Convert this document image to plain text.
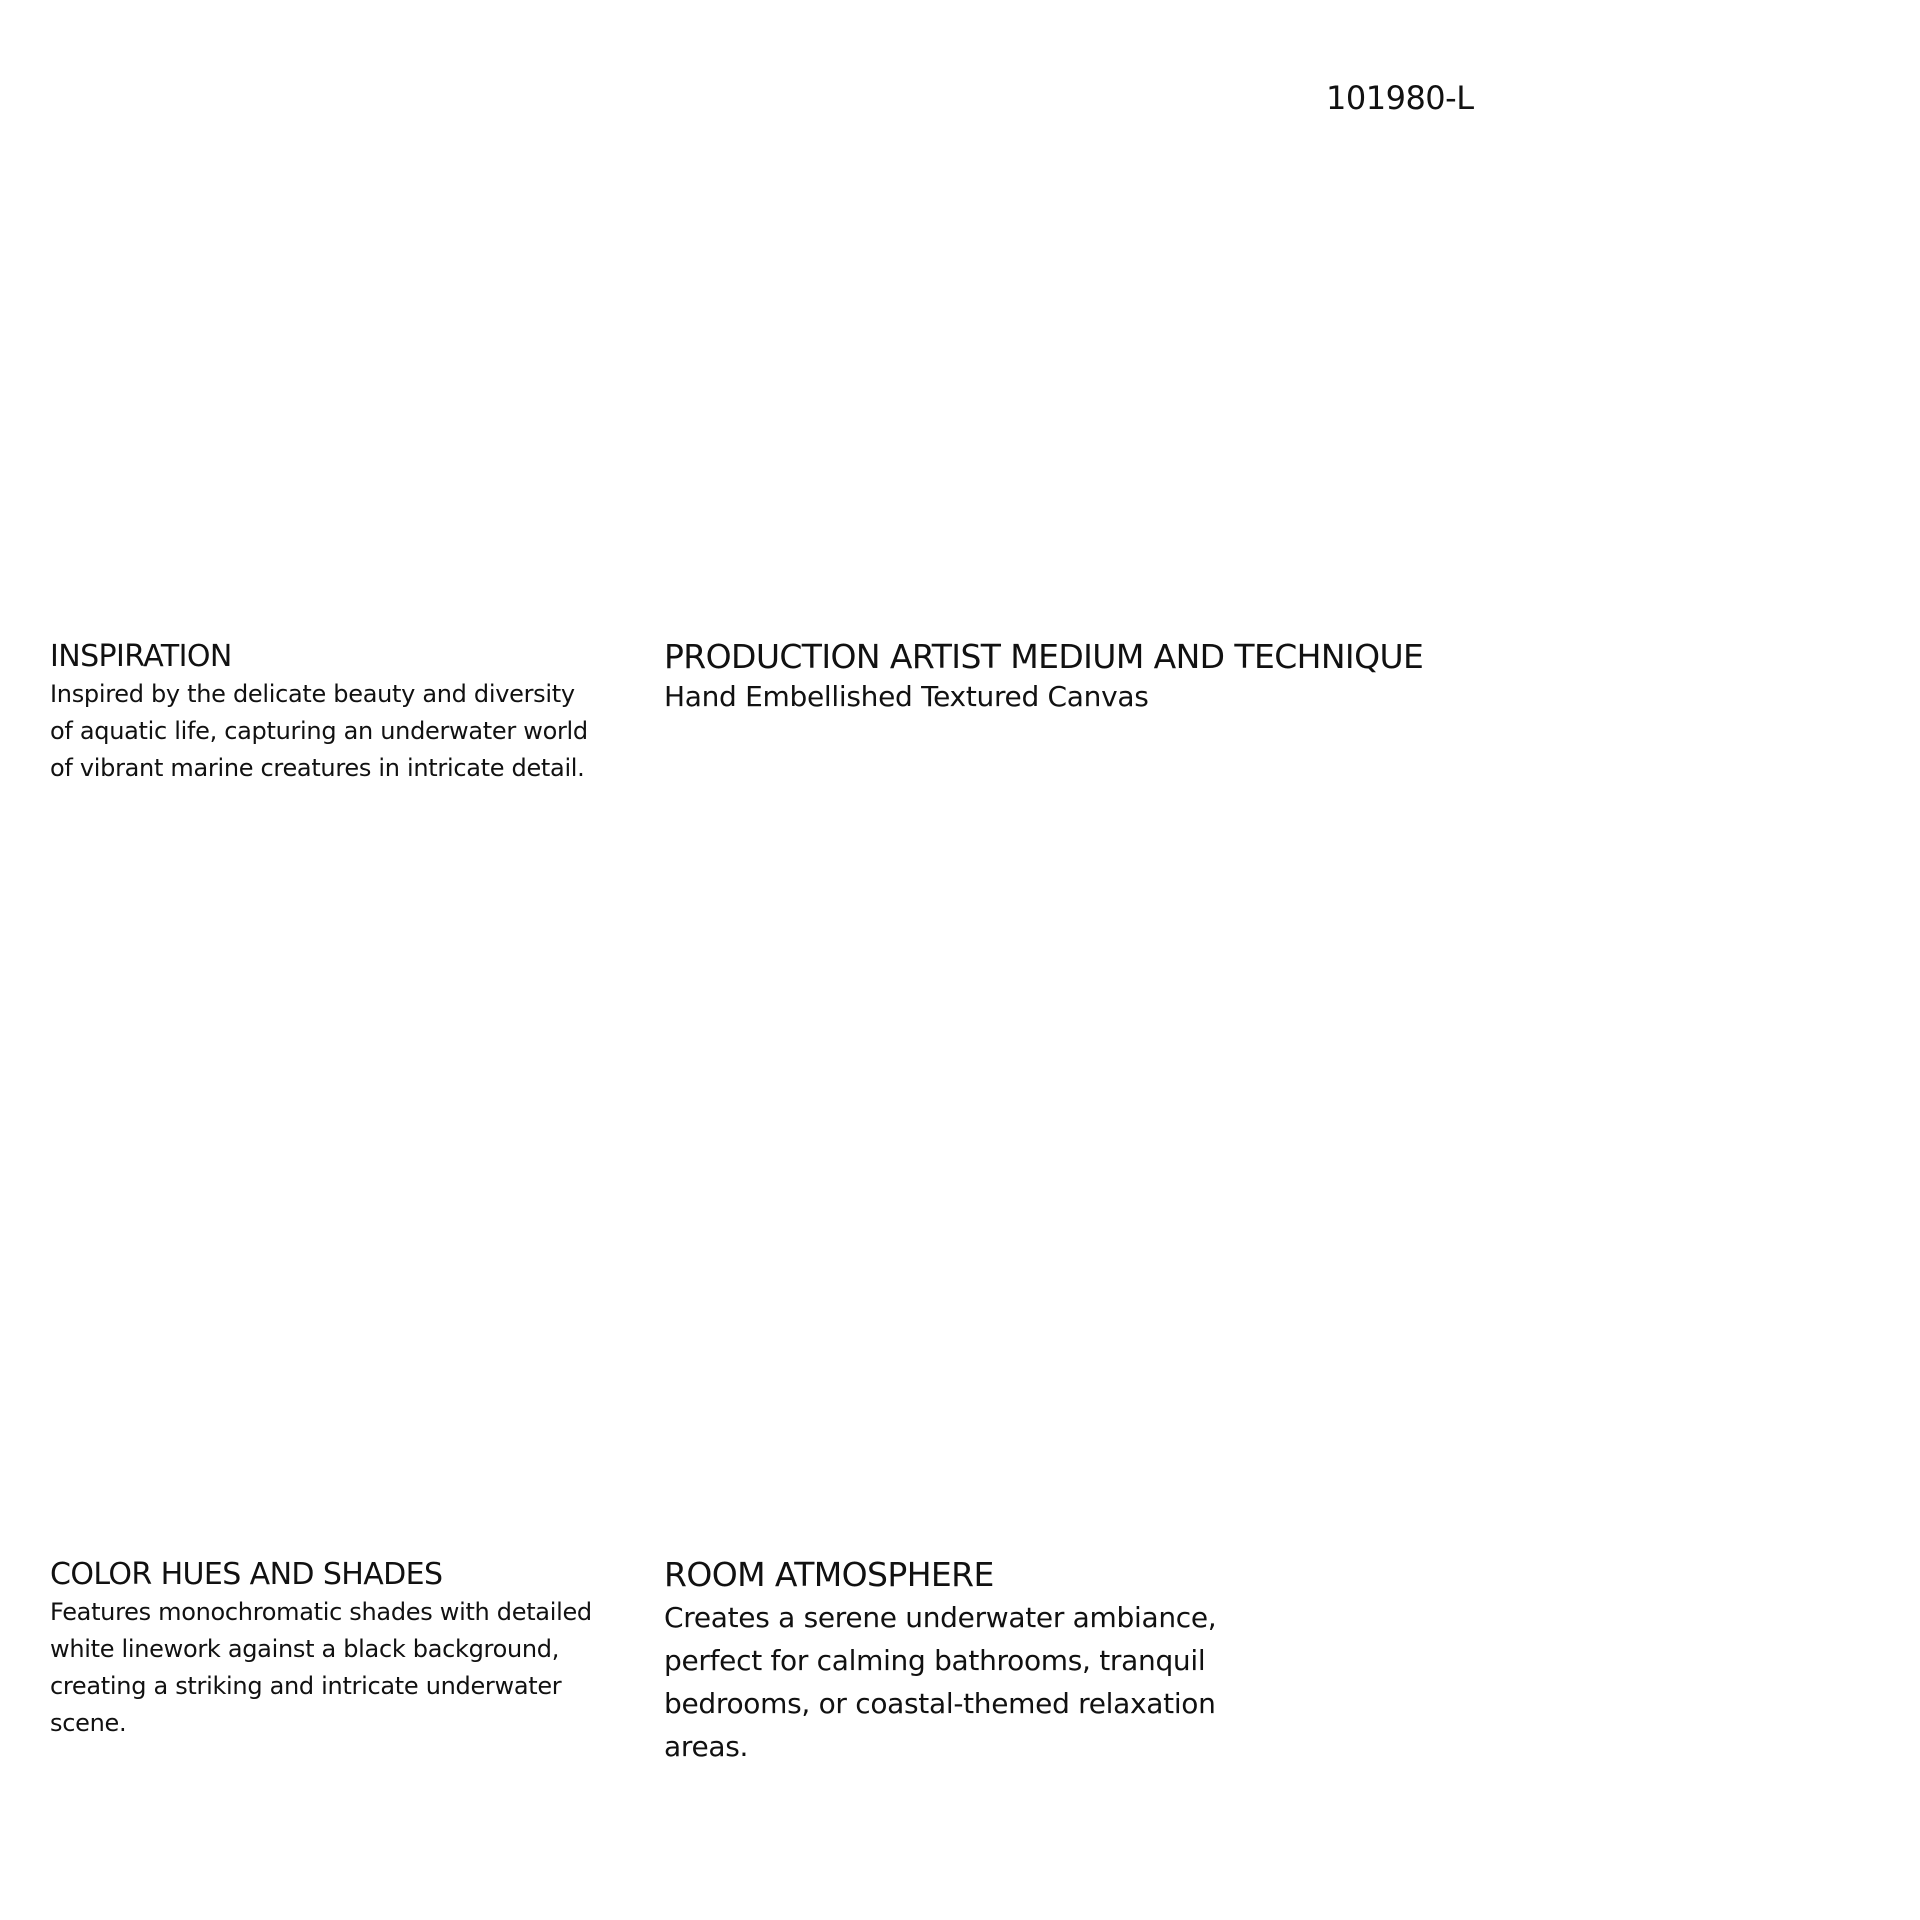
101980-L
INSPIRATION

Inspired by the delicate beauty and diversity
of aquatic life, capturing an underwater world
of vibrant marine creatures in intricate detail.

PRODUCTION ARTIST MEDIUM AND TECHNIQUE

Hand Embellished Textured Canvas

COLOR HUES AND SHADES

Features monochromatic shades with detailed
white linework against a black background,
creating a striking and intricate underwater
scene.

ROOM ATMOSPHERE

Creates a serene underwater ambiance,
perfect for calming bathrooms, tranquil
bedrooms, or coastal-themed relaxation
areas.
